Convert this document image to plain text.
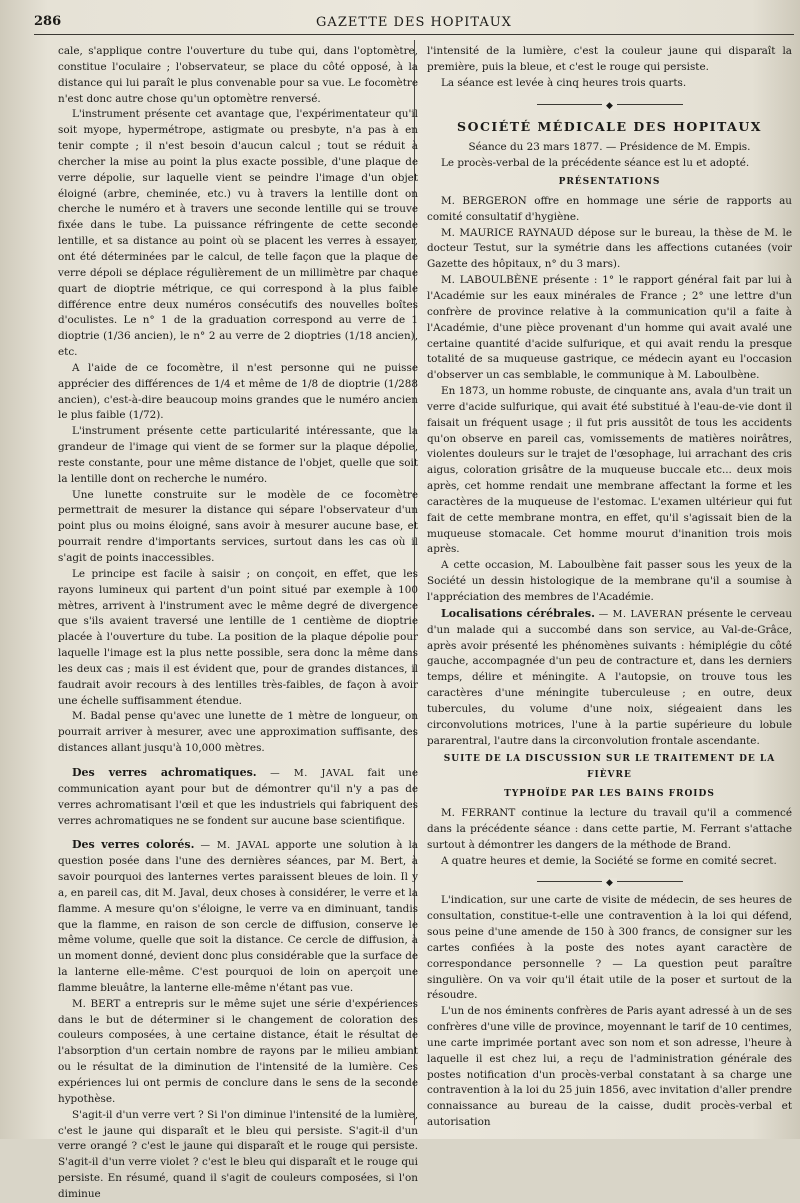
286	GAZETTE DES HOPITAUX

cale, s'applique contre l'ouverture du tube qui, dans l'optomètre, constitue l'oculaire ; l'observateur, se place du côté opposé, à la distance qui lui paraît le plus convenable pour sa vue. Le focomètre n'est donc autre chose qu'un optomètre renversé.

L'instrument présente cet avantage que, l'expérimentateur qu'il soit myope, hypermétrope, astigmate ou presbyte, n'a pas à en tenir compte ; il n'est besoin d'aucun calcul ; tout se réduit à chercher la mise au point la plus exacte possible, d'une plaque de verre dépolie, sur laquelle vient se peindre l'image d'un objet éloigné (arbre, cheminée, etc.) vu à travers la lentille dont on cherche le numéro et à travers une seconde lentille qui se trouve fixée dans le tube. La puissance réfringente de cette seconde lentille, et sa distance au point où se placent les verres à essayer, ont été déterminées par le calcul, de telle façon que la plaque de verre dépoli se déplace régulièrement de un millimètre par chaque quart de dioptrie métrique, ce qui correspond à la plus faible différence entre deux numéros consécutifs des nouvelles boîtes d'oculistes. Le n° 1 de la graduation correspond au verre de 1 dioptrie (1/36 ancien), le n° 2 au verre de 2 dioptries (1/18 ancien), etc.

A l'aide de ce focomètre, il n'est personne qui ne puisse apprécier des différences de 1/4 et même de 1/8 de dioptrie (1/288 ancien), c'est-à-dire beaucoup moins grandes que le numéro ancien le plus faible (1/72).

L'instrument présente cette particularité intéressante, que la grandeur de l'image qui vient de se former sur la plaque dépolie, reste constante, pour une même distance de l'objet, quelle que soit la lentille dont on recherche le numéro.

Une lunette construite sur le modèle de ce focomètre permettrait de mesurer la distance qui sépare l'observateur d'un point plus ou moins éloigné, sans avoir à mesurer aucune base, et pourrait rendre d'importants services, surtout dans les cas où il s'agit de points inaccessibles.

Le principe est facile à saisir ; on conçoit, en effet, que les rayons lumineux qui partent d'un point situé par exemple à 100 mètres, arrivent à l'instrument avec le même degré de divergence que s'ils avaient traversé une lentille de 1 centième de dioptrie placée à l'ouverture du tube. La position de la plaque dépolie pour laquelle l'image est la plus nette possible, sera donc la même dans les deux cas ; mais il est évident que, pour de grandes distances, il faudrait avoir recours à des lentilles très-faibles, de façon à avoir une échelle suffisamment étendue.

M. Badal pense qu'avec une lunette de 1 mètre de longueur, on pourrait arriver à mesurer, avec une approximation suffisante, des distances allant jusqu'à 10,000 mètres.

Des verres achromatiques. — M. JAVAL fait une communication ayant pour but de démontrer qu'il n'y a pas de verres achromatisant l'œil et que les industriels qui fabriquent des verres achromatiques ne se fondent sur aucune base scientifique.

Des verres colorés. — M. JAVAL apporte une solution à la question posée dans l'une des dernières séances, par M. Bert, à savoir pourquoi des lanternes vertes paraissent bleues de loin. Il y a, en pareil cas, dit M. Javal, deux choses à considérer, le verre et la flamme. A mesure qu'on s'éloigne, le verre va en diminuant, tandis que la flamme, en raison de son cercle de diffusion, conserve le même volume, quelle que soit la distance. Ce cercle de diffusion, à un moment donné, devient donc plus considérable que la surface de la lanterne elle-même. C'est pourquoi de loin on aperçoit une flamme bleuâtre, la lanterne elle-même n'étant pas vue.

M. BERT a entrepris sur le même sujet une série d'expériences dans le but de déterminer si le changement de coloration des couleurs composées, à une certaine distance, était le résultat de l'absorption d'un certain nombre de rayons par le milieu ambiant ou le résultat de la diminution de l'intensité de la lumière. Ces expériences lui ont permis de conclure dans le sens de la seconde hypothèse.

S'agit-il d'un verre vert ? Si l'on diminue l'intensité de la lumière, c'est le jaune qui disparaît et le bleu qui persiste. S'agit-il d'un verre orangé ? c'est le jaune qui disparaît et le rouge qui persiste. S'agit-il d'un verre violet ? c'est le bleu qui disparaît et le rouge qui persiste. En résumé, quand il s'agit de couleurs composées, si l'on diminue

l'intensité de la lumière, c'est la couleur jaune qui disparaît la première, puis la bleue, et c'est le rouge qui persiste.

La séance est levée à cinq heures trois quarts.

◆
SOCIÉTÉ MÉDICALE DES HOPITAUX

Séance du 23 mars 1877. — Présidence de M. Empis.

Le procès-verbal de la précédente séance est lu et adopté.

PRÉSENTATIONS

M. BERGERON offre en hommage une série de rapports au comité consultatif d'hygiène.

M. MAURICE RAYNAUD dépose sur le bureau, la thèse de M. le docteur Testut, sur la symétrie dans les affections cutanées (voir Gazette des hôpitaux, n° du 3 mars).

M. LABOULBÈNE présente : 1° le rapport général fait par lui à l'Académie sur les eaux minérales de France ; 2° une lettre d'un confrère de province relative à la communication qu'il a faite à l'Académie, d'une pièce provenant d'un homme qui avait avalé une certaine quantité d'acide sulfurique, et qui avait rendu la presque totalité de sa muqueuse gastrique, ce médecin ayant eu l'occasion d'observer un cas semblable, le communique à M. Laboulbène.

En 1873, un homme robuste, de cinquante ans, avala d'un trait un verre d'acide sulfurique, qui avait été substitué à l'eau-de-vie dont il faisait un fréquent usage ; il fut pris aussitôt de tous les accidents qu'on observe en pareil cas, vomissements de matières noirâtres, violentes douleurs sur le trajet de l'œsophage, lui arrachant des cris aigus, coloration grisâtre de la muqueuse buccale etc... deux mois après, cet homme rendait une membrane affectant la forme et les caractères de la muqueuse de l'estomac. L'examen ultérieur qui fut fait de cette membrane montra, en effet, qu'il s'agissait bien de la muqueuse stomacale. Cet homme mourut d'inanition trois mois après.

A cette occasion, M. Laboulbène fait passer sous les yeux de la Société un dessin histologique de la membrane qu'il a soumise à l'appréciation des membres de l'Académie.

Localisations cérébrales. — M. LAVERAN présente le cerveau d'un malade qui a succombé dans son service, au Val-de-Grâce, après avoir présenté les phénomènes suivants : hémiplégie du côté gauche, accompagnée d'un peu de contracture et, dans les derniers temps, délire et méningite. A l'autopsie, on trouve tous les caractères d'une méningite tuberculeuse ; en outre, deux tubercules, du volume d'une noix, siégeaient dans les circonvolutions motrices, l'une à la partie supérieure du lobule pararentral, l'autre dans la circonvolution frontale ascendante.

SUITE DE LA DISCUSSION SUR LE TRAITEMENT DE LA FIÈVRE
TYPHOÏDE PAR LES BAINS FROIDS

M. FERRANT continue la lecture du travail qu'il a commencé dans la précédente séance : dans cette partie, M. Ferrant s'attache surtout à démontrer les dangers de la méthode de Brand.

A quatre heures et demie, la Société se forme en comité secret.

◆

L'indication, sur une carte de visite de médecin, de ses heures de consultation, constitue-t-elle une contravention à la loi qui défend, sous peine d'une amende de 150 à 300 francs, de consigner sur les cartes confiées à la poste des notes ayant caractère de correspondance personnelle ? — La question peut paraître singulière. On va voir qu'il était utile de la poser et surtout de la résoudre.

L'un de nos éminents confrères de Paris ayant adressé à un de ses confrères d'une ville de province, moyennant le tarif de 10 centimes, une carte imprimée portant avec son nom et son adresse, l'heure à laquelle il est chez lui, a reçu de l'administration générale des postes notification d'un procès-verbal constatant à sa charge une contravention à la loi du 25 juin 1856, avec invitation d'aller prendre connaissance au bureau de la caisse, dudit procès-verbal et autorisation
